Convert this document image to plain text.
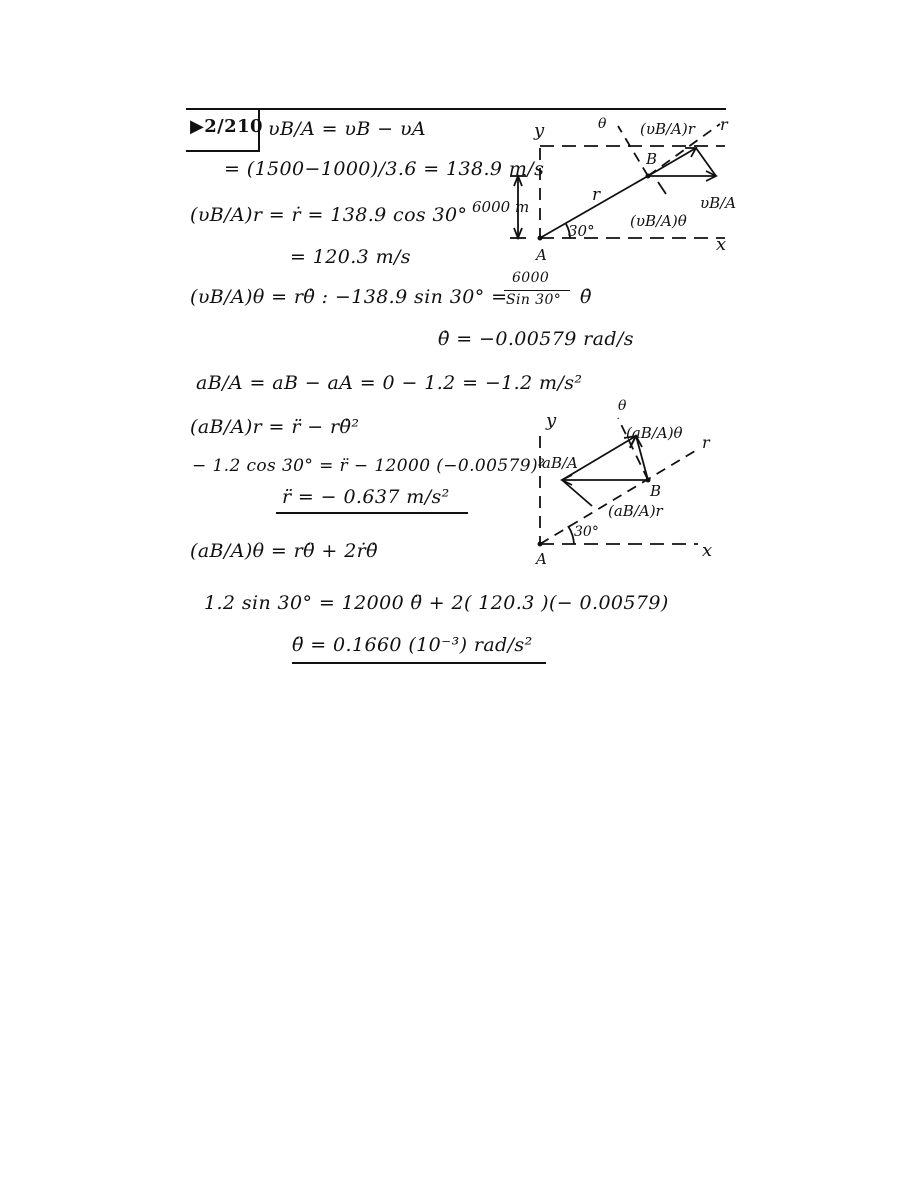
▶2/210 υB/A = υB − υA
= (1500−1000)/3.6 = 138.9 m/s
(υB/A)r = ṙ = 138.9 cos 30°
= 120.3 m/s
(υB/A)θ = rθ̇ : −138.9 sin 30° =
6000
Sin 30° θ̇
θ̇ = −0.00579 rad/s
aB/A = aB − aA = 0 − 1.2 = −1.2 m/s²
(aB/A)r = r̈ − rθ̇²
− 1.2 cos 30° = r̈ − 12000 (−0.00579)²
r̈ = − 0.637 m/s²
(aB/A)θ = rθ̈ + 2ṙθ̇
1.2 sin 30° = 12000 θ̈ + 2( 120.3 )(− 0.00579)
θ̈ = 0.1660 (10⁻³) rad/s²
y
x
θ	r
B
A
r
6000 m
30°
(υB/A)r
(υB/A)θ
υB/A
y
x
θ
r
B
A
aB/A
(aB/A)θ
(aB/A)r
30°
